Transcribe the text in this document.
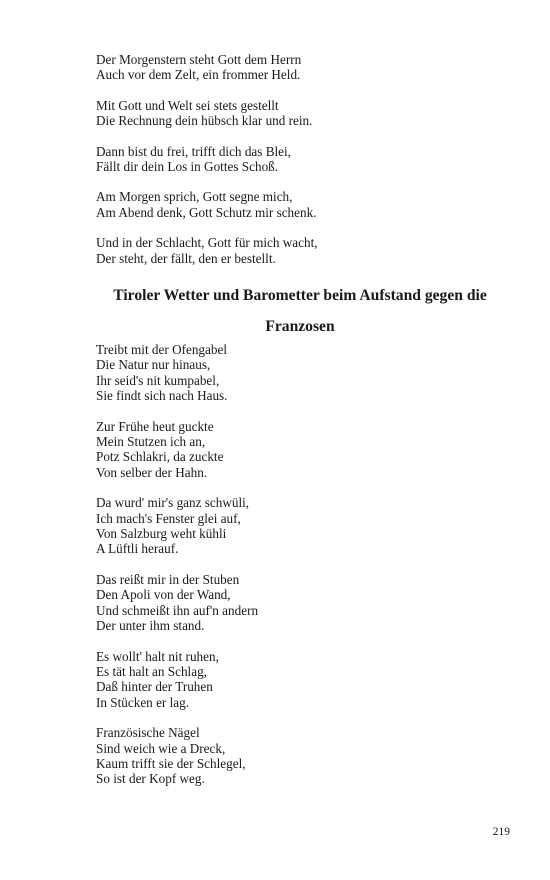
Der Morgenstern steht Gott dem Herrn
Auch vor dem Zelt, ein frommer Held.
Mit Gott und Welt sei stets gestellt
Die Rechnung dein hübsch klar und rein.
Dann bist du frei, trifft dich das Blei,
Fällt dir dein Los in Gottes Schoß.
Am Morgen sprich, Gott segne mich,
Am Abend denk, Gott Schutz mir schenk.
Und in der Schlacht, Gott für mich wacht,
Der steht, der fällt, den er bestellt.
Tiroler Wetter und Barometter beim Aufstand gegen die
Franzosen
Treibt mit der Ofengabel
Die Natur nur hinaus,
Ihr seid's nit kumpabel,
Sie findt sich nach Haus.
Zur Frühe heut guckte
Mein Stutzen ich an,
Potz Schlakri, da zuckte
Von selber der Hahn.
Da wurd' mir's ganz schwüli,
Ich mach's Fenster glei auf,
Von Salzburg weht kühli
A Lüftli herauf.
Das reißt mir in der Stuben
Den Apoli von der Wand,
Und schmeißt ihn auf'n andern
Der unter ihm stand.
Es wollt' halt nit ruhen,
Es tät halt an Schlag,
Daß hinter der Truhen
In Stücken er lag.
Französische Nägel
Sind weich wie a Dreck,
Kaum trifft sie der Schlegel,
So ist der Kopf weg.
219
